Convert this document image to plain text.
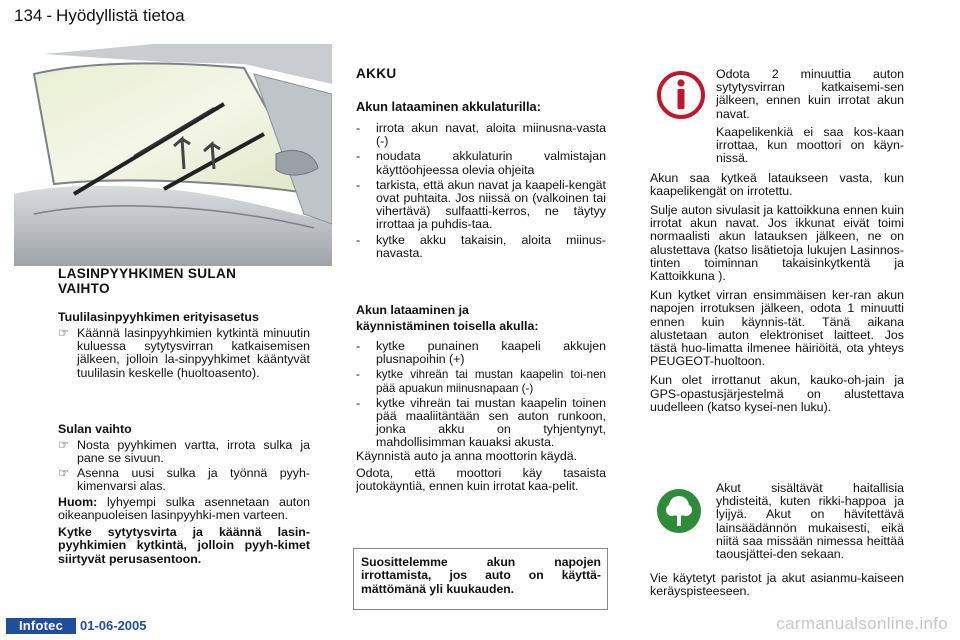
134 - Hyödyllistä tietoa
LASINPYYHKIMEN SULAN
VAIHTO
Tuulilasinpyyhkimen erityisasetus
☞ Käännä lasinpyyhkimien kytkintä minuutin kuluessa sytytysvirran katkaisemisen jälkeen, jolloin la-sinpyyhkimet kääntyvät tuulilasin keskelle (huoltoasento).
Sulan vaihto
☞ Nosta pyyhkimen vartta, irrota sulka ja pane se sivuun.
☞ Asenna uusi sulka ja työnnä pyyh-kimenvarsi alas.

Huom: lyhyempi sulka asennetaan auton oikeanpuoleisen lasinpyyhki-men varteen.

Kytke sytytysvirta ja käännä lasin-pyyhkimien kytkintä, jolloin pyyh-kimet siirtyvät perusasentoon.

AKKU
Akun lataaminen akkulaturilla:
-	irrota akun navat, aloita miinusna-vasta (-)
-	noudata akkulaturin valmistajan käyttöohjeessa olevia ohjeita
-	tarkista, että akun navat ja kaapeli-kengät ovat puhtaita. Jos niissä on (valkoinen tai vihertävä) sulfaatti-kerros, ne täytyy irrottaa ja puhdis-taa.
-	kytke akku takaisin, aloita miinus-navasta.
Akun lataaminen ja
käynnistäminen toisella akulla:
-	kytke punainen kaapeli akkujen plusnapoihin (+)
-	kytke vihreän tai mustan kaapelin toi-nen pää apuakun miinusnapaan (-)
-	kytke vihreän tai mustan kaapelin toinen pää maaliitäntään sen auton runkoon, jonka akku on tyhjentynyt, mahdollisimman kauaksi akusta.

Käynnistä auto ja anna moottorin käydä.

Odota, että moottori käy tasaista joutokäyntiä, ennen kuin irrotat kaa-pelit.

Suosittelemme akun napojen irrottamista, jos auto on käyttä-mättömänä yli kuukauden.

Odota 2 minuuttia auton sytytysvirran katkaisemi-sen jälkeen, ennen kuin irrotat akun navat.

Kaapelikenkiä ei saa kos-kaan irrottaa, kun moottori on käyn-nissä.

Akun saa kytkeä lataukseen vasta, kun kaapelikengät on irrotettu.

Sulje auton sivulasit ja kattoikkuna ennen kuin irrotat akun navat. Jos ikkunat eivät toimi normaalisti akun latauksen jälkeen, ne on alustettava (katso lisätietoja lukujen Lasinnos-tinten toiminnan takaisinkytkentä ja Kattoikkuna ).

Kun kytket virran ensimmäisen ker-ran akun napojen irrotuksen jälkeen, odota 1 minuutti ennen kuin käynnis-tät. Tänä aikana alustetaan auton elektroniset laitteet. Jos tästä huo-limatta ilmenee häiriöitä, ota yhteys PEUGEOT-huoltoon.

Kun olet irrottanut akun, kauko-oh-jain ja GPS-opastusjärjestelmä on alustettava uudelleen (katso kysei-nen luku).

Akut sisältävät haitallisia yhdisteitä, kuten rikki-happoa ja lyijyä. Akut on hävitettävä lainsäädännön mukaisesti, eikä niitä saa missään nimessa heittää taousjättei-den sekaan.

Vie käytetyt paristot ja akut asianmu-kaiseen keräyspisteeseen.

Infotec	01-06-2005	carmanualsonline.info
